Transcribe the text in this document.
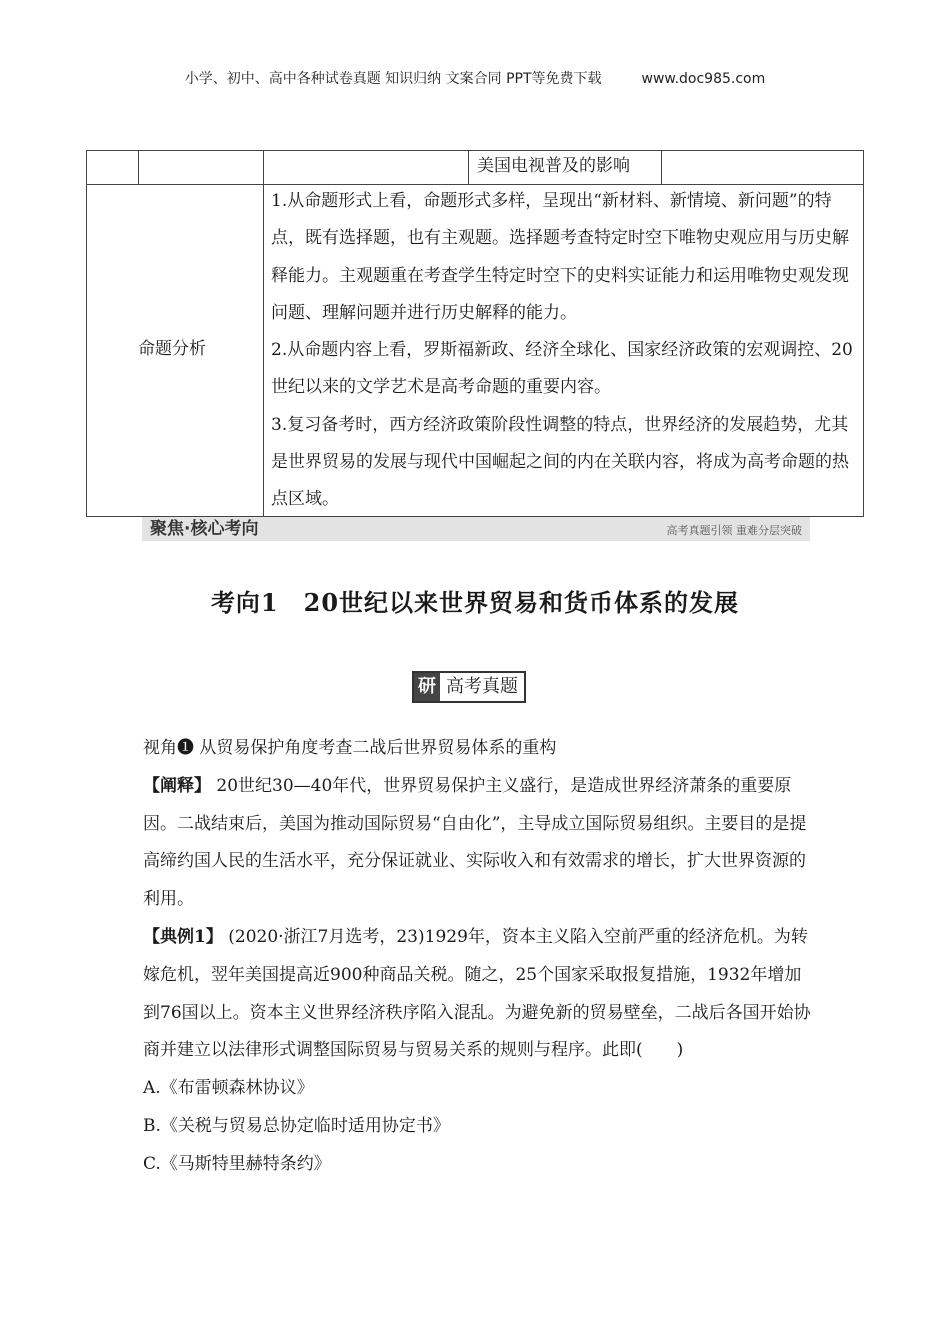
小学、初中、高中各种试卷真题 知识归纳 文案合同 PPT等免费下载	www.doc985.com
美国电视普及的影响
命题分析

1.从命题形式上看，命题形式多样，呈现出“新材料、新情境、新问题”的特点，既有选择题，也有主观题。选择题考查特定时空下唯物史观应用与历史解释能力。主观题重在考查学生特定时空下的史料实证能力和运用唯物史观发现问题、理解问题并进行历史解释的能力。

2.从命题内容上看，罗斯福新政、经济全球化、国家经济政策的宏观调控、20世纪以来的文学艺术是高考命题的重要内容。

3.复习备考时，西方经济政策阶段性调整的特点，世界经济的发展趋势，尤其是世界贸易的发展与现代中国崛起之间的内在关联内容，将成为高考命题的热点区域。

聚焦·核心考向	高考真题引领 重难分层突破
考向1　20世纪以来世界贸易和货币体系的发展
研 高考真题

视角❶ 从贸易保护角度考查二战后世界贸易体系的重构

【阐释】 20世纪30—40年代，世界贸易保护主义盛行，是造成世界经济萧条的重要原因。二战结束后，美国为推动国际贸易“自由化”，主导成立国际贸易组织。主要目的是提高缔约国人民的生活水平，充分保证就业、实际收入和有效需求的增长，扩大世界资源的利用。

【典例1】 (2020·浙江7月选考，23)1929年，资本主义陷入空前严重的经济危机。为转嫁危机，翌年美国提高近900种商品关税。随之，25个国家采取报复措施，1932年增加到76国以上。资本主义世界经济秩序陷入混乱。为避免新的贸易壁垒，二战后各国开始协商并建立以法律形式调整国际贸易与贸易关系的规则与程序。此即(　　)

A.《布雷顿森林协议》

B.《关税与贸易总协定临时适用协定书》

C.《马斯特里赫特条约》
